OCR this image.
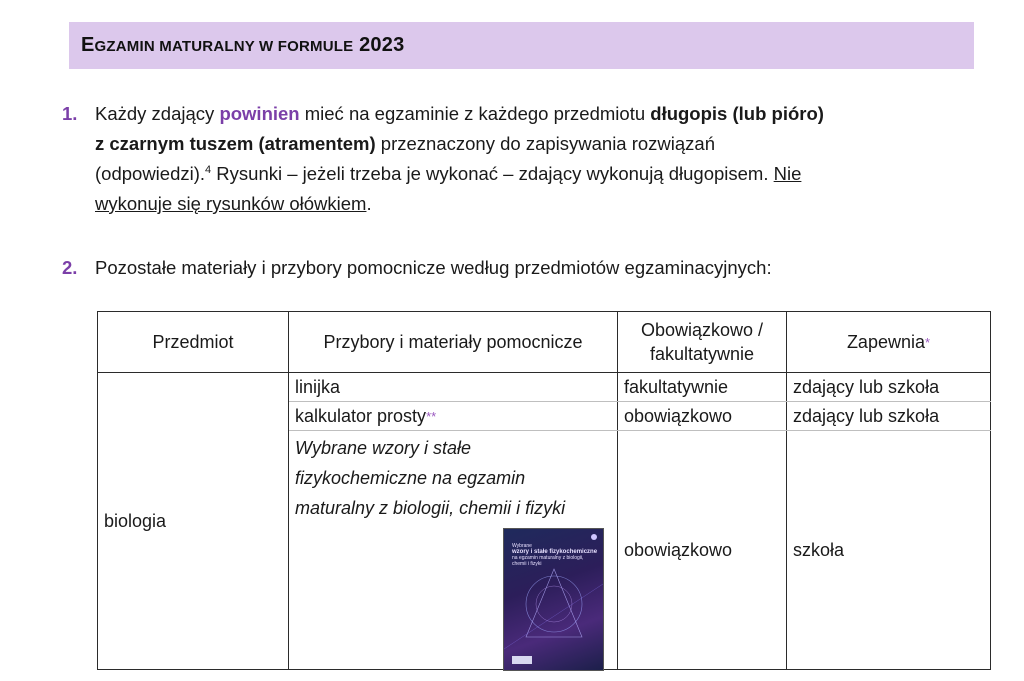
EGZAMIN MATURALNY W FORMULE 2023
1. Każdy zdający powinien mieć na egzaminie z każdego przedmiotu długopis (lub pióro)
z czarnym tuszem (atramentem) przeznaczony do zapisywania rozwiązań
(odpowiedzi).$^4$ Rysunki – jeżeli trzeba je wykonać – zdający wykonują długopisem. Nie
wykonuje się rysunków ołówkiem.
2. Pozostałe materiały i przybory pomocnicze według przedmiotów egzaminacyjnych:
Przedmiot	Przybory i materiały pomocnicze	Obowiązkowo / fakultatywnie	Zapewnia*
biologia	linijka	fakultatywnie	zdający lub szkoła
	kalkulator prosty**	obowiązkowo	zdający lub szkoła

	Wybrane wzory i stałe fizykochemiczne na egzamin maturalny z biologii, chemii i fizyki	obowiązkowo	szkoła
Wybrane
wzory i stałe fizykochemiczne
na egzamin maturalny z biologii, chemii i fizyki
